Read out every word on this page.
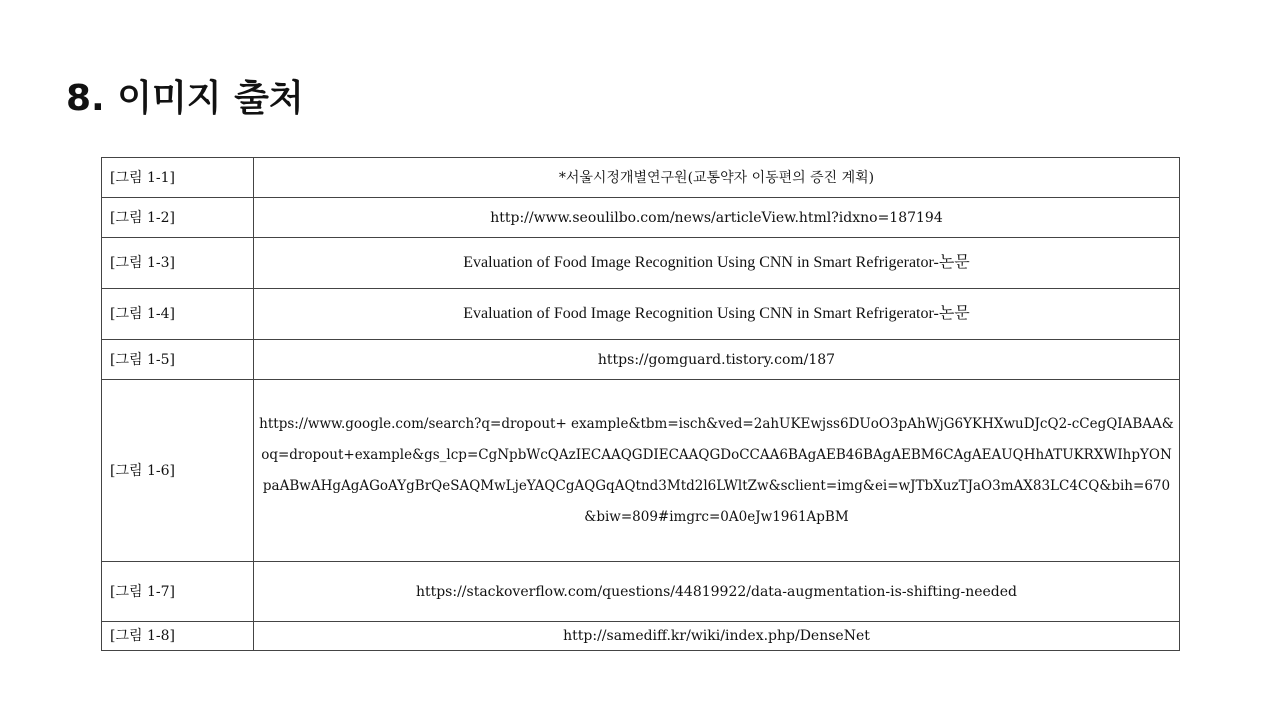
8. 이미지 출처
[그림 1-1]	*서울시정개별연구원(교통약자 이동편의 증진 계획)
[그림 1-2]	http://www.seoulilbo.com/news/articleView.html?idxno=187194
[그림 1-3]	Evaluation of Food Image Recognition Using CNN in Smart Refrigerator-논문
[그림 1-4]	Evaluation of Food Image Recognition Using CNN in Smart Refrigerator-논문
[그림 1-5]	https://gomguard.tistory.com/187
[그림 1-6]	https://www.google.com/search?q=dropout+ example&tbm=isch&ved=2ahUKEwjss6DUoO3pAhWjG6YKHXwuDJcQ2-cCegQIABAA&oq=dropout+example&gs_lcp=CgNpbWcQAzIECAAQGDIECAAQGDoCCAA6BAgAEB46BAgAEBM6CAgAEAUQHhATUKRXWIhpYONpaABwAHgAgAGoAYgBrQeSAQMwLjeYAQCgAQGqAQtnd3Mtd2l6LWltZw&sclient=img&ei=wJTbXuzTJaO3mAX83LC4CQ&bih=670&biw=809#imgrc=0A0eJw1961ApBM
[그림 1-7]	https://stackoverflow.com/questions/44819922/data-augmentation-is-shifting-needed
[그림 1-8]	http://samediff.kr/wiki/index.php/DenseNet
